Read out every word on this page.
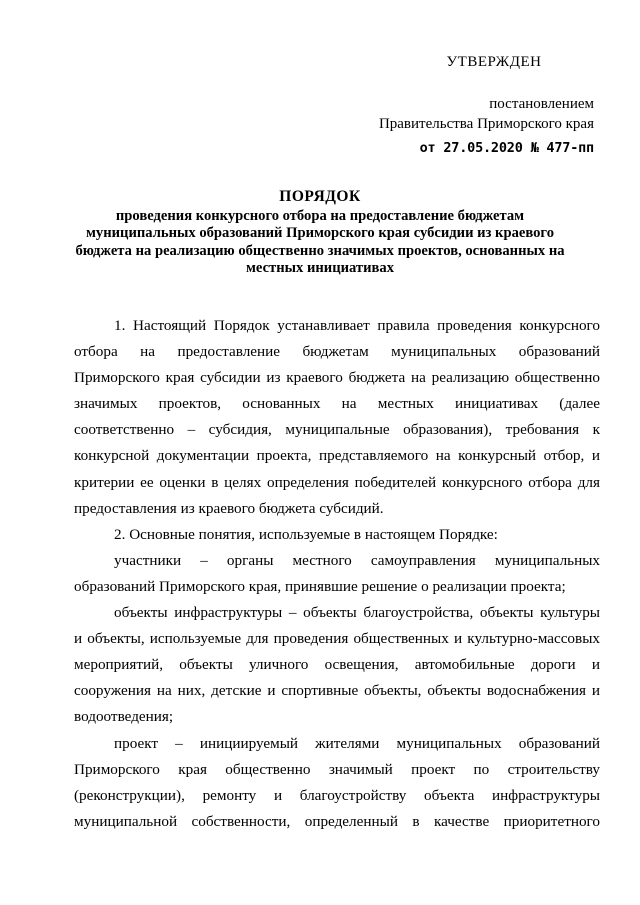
УТВЕРЖДЕН
постановлением
Правительства Приморского края
от 27.05.2020 № 477-пп
ПОРЯДОК
проведения конкурсного отбора на предоставление бюджетам
муниципальных образований Приморского края субсидии из краевого
бюджета на реализацию общественно значимых проектов, основанных на
местных инициативах
1. Настоящий Порядок устанавливает правила проведения конкурсного
отбора на предоставление бюджетам муниципальных образований
Приморского края субсидии из краевого бюджета на реализацию общественно
значимых проектов, основанных на местных инициативах (далее
соответственно – субсидия, муниципальные образования), требования к
конкурсной документации проекта, представляемого на конкурсный отбор, и
критерии ее оценки в целях определения победителей конкурсного отбора для
предоставления из краевого бюджета субсидий.
2. Основные понятия, используемые в настоящем Порядке:
участники – органы местного самоуправления муниципальных
образований Приморского края, принявшие решение о реализации проекта;
объекты инфраструктуры – объекты благоустройства, объекты культуры
и объекты, используемые для проведения общественных и культурно-массовых
мероприятий, объекты уличного освещения, автомобильные дороги и
сооружения на них, детские и спортивные объекты, объекты водоснабжения и
водоотведения;
проект – инициируемый жителями муниципальных образований
Приморского края общественно значимый проект по строительству
(реконструкции), ремонту и благоустройству объекта инфраструктуры
муниципальной собственности, определенный в качестве приоритетного
